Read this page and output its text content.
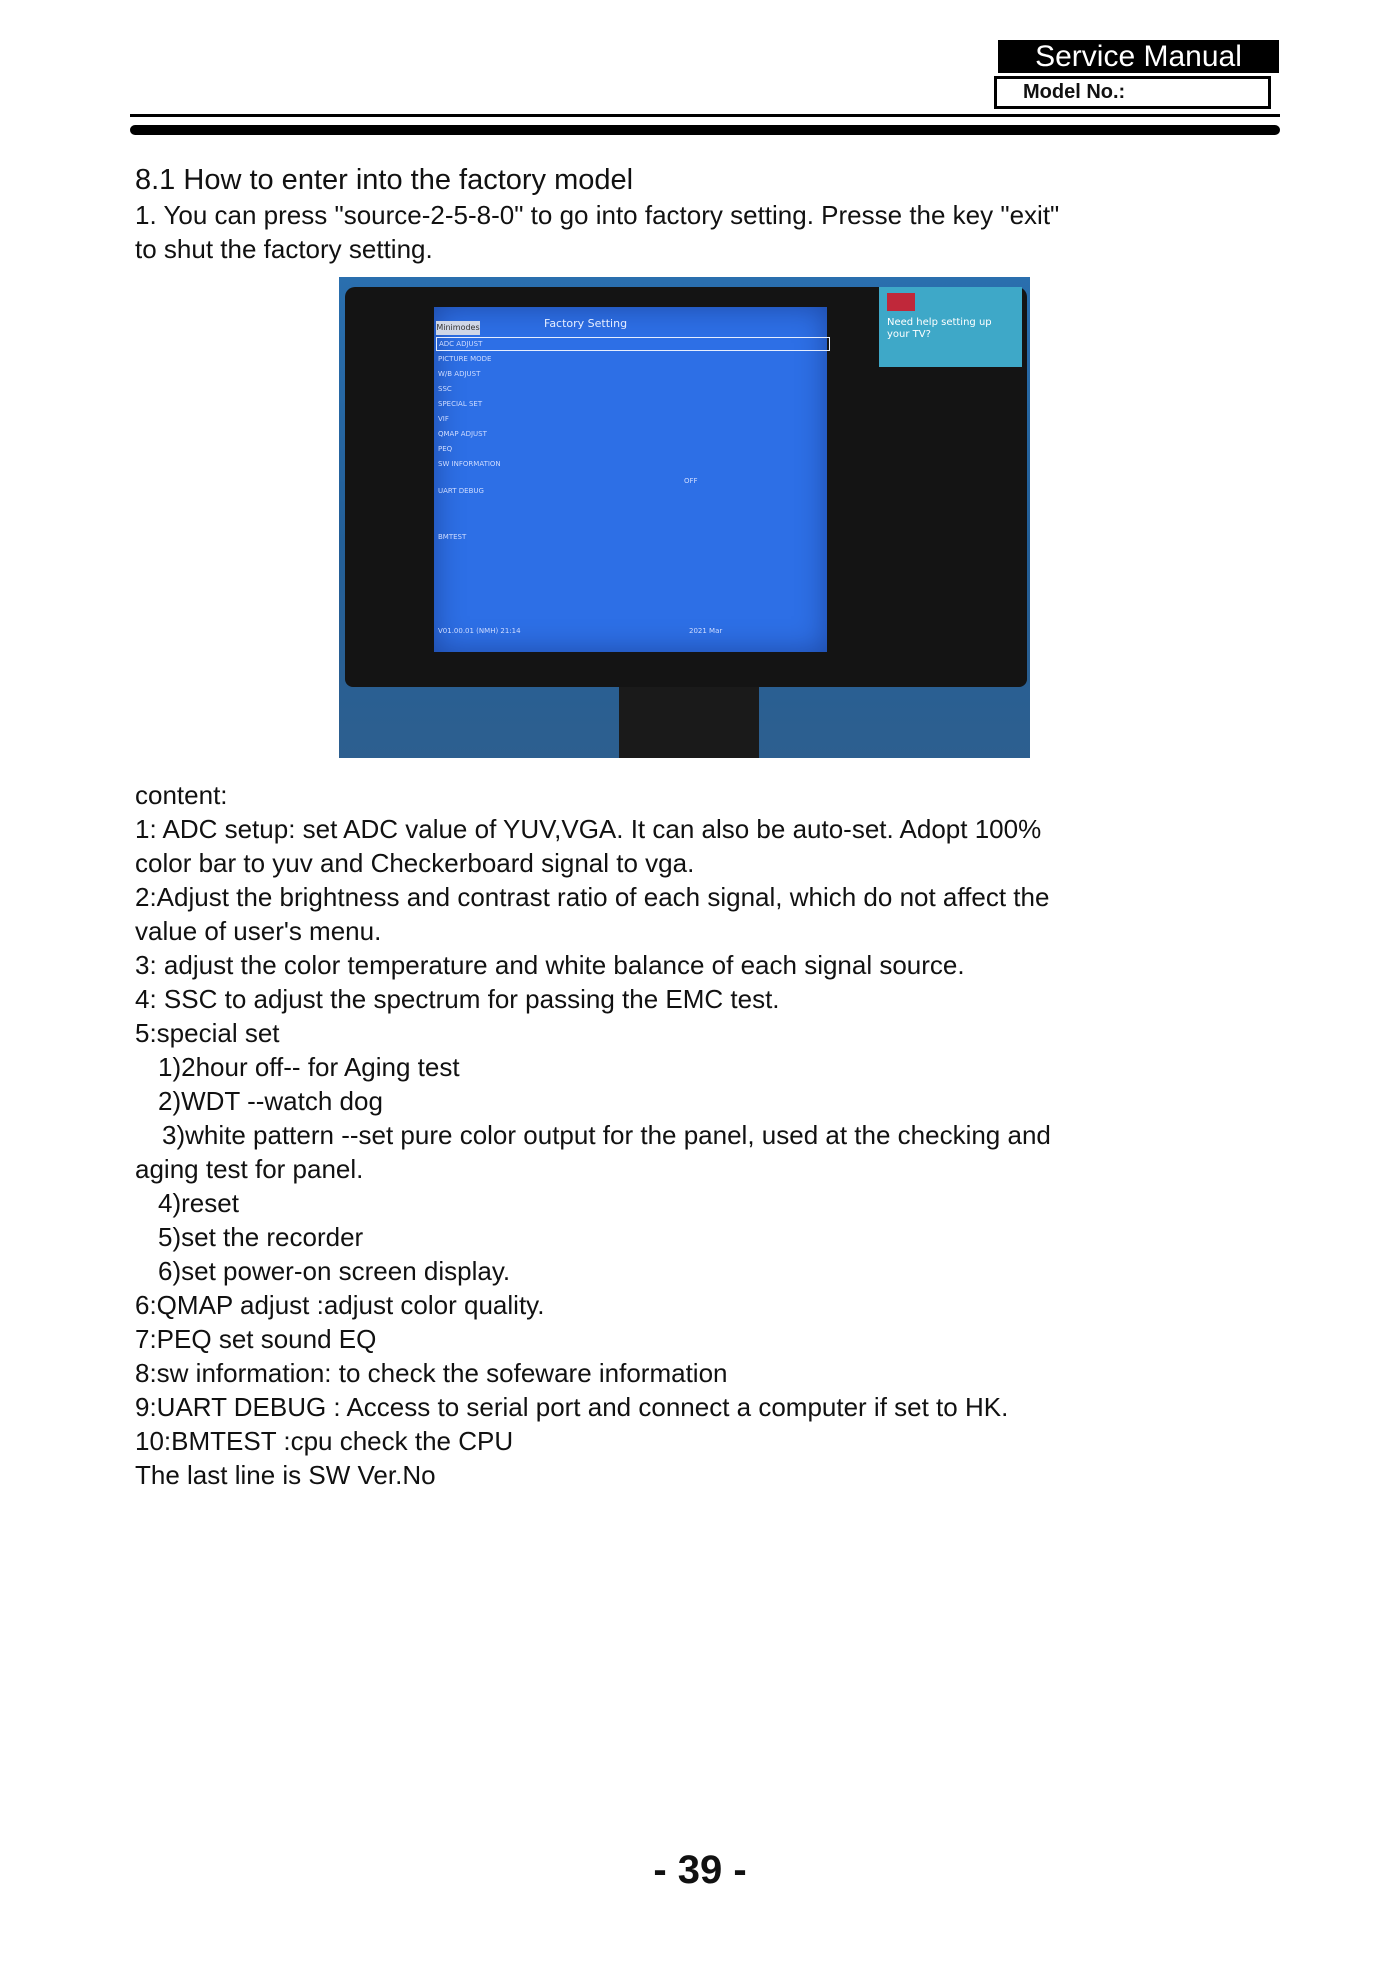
Service Manual
Model No.:
8.1 How to enter into the factory model

1. You can press "source-2-5-8-0" to go into factory setting. Presse the key "exit"

to shut the factory setting.

Minimodes	Factory Setting
ADC ADJUST
PICTURE MODE
W/B ADJUST
SSC
SPECIAL SET
VIF
QMAP ADJUST
PEQ
SW INFORMATION
UART DEBUG
BMTEST
OFF
V01.00.01 (NMH) 21:14	2021 Mar
Need help setting up your TV?

content:

1: ADC setup: set ADC value of YUV,VGA. It can also be auto-set. Adopt 100%

color bar to yuv and Checkerboard signal to vga.

2:Adjust the brightness and contrast ratio of each signal, which do not affect the

value of user's menu.

3: adjust the color temperature and white balance of each signal source.

4: SSC to adjust the spectrum for passing the EMC test.

5:special set

1)2hour off-- for Aging test

2)WDT --watch dog

3)white pattern --set pure color output for the panel, used at the checking and

aging test for panel.

4)reset

5)set the recorder

6)set power-on screen display.

6:QMAP adjust :adjust color quality.

7:PEQ set sound EQ

8:sw information: to check the sofeware information

9:UART DEBUG : Access to serial port and connect a computer if set to HK.

10:BMTEST :cpu check the CPU

The last line is SW Ver.No

- 39 -
